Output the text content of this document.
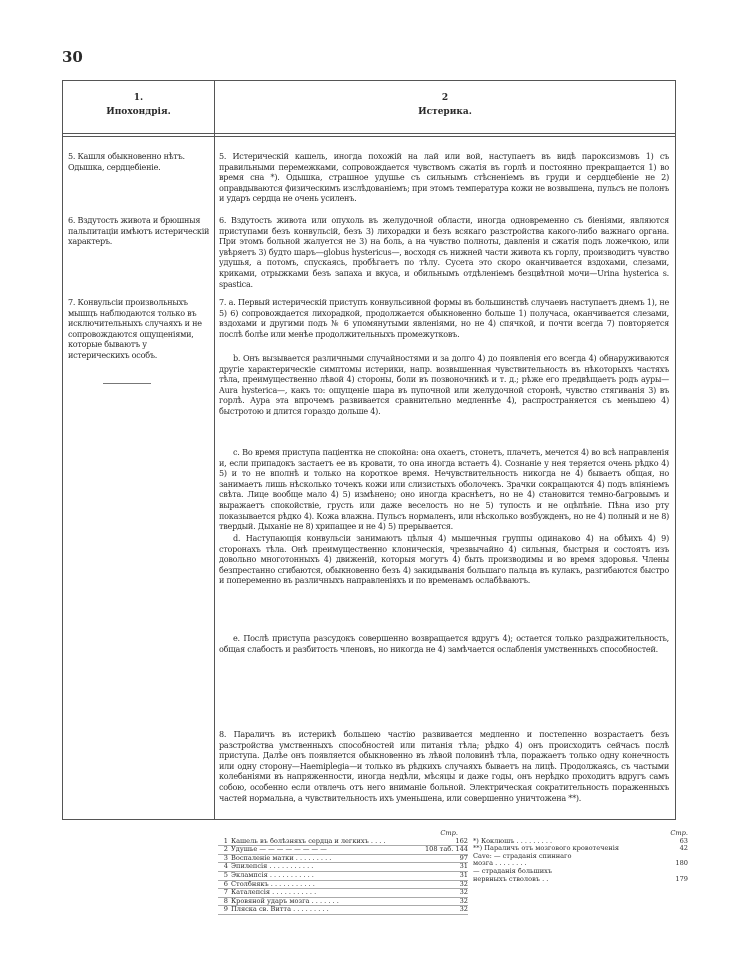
30
1.
Ипохондрія.
2
Истерика.
5. Кашля обыкновенно нѣтъ. Одышка, сердцебіеніе.
5. Истерическій кашель, иногда похожій на лай или вой, наступаетъ въ видѣ пароксизмовъ 1) съ правильными перемежками, сопровождается чувствомъ сжатія въ горлѣ и постоянно прекращается 1) во время сна *). Одышка, страшное удушье съ сильнымъ стѣсненіемъ въ груди и сердцебіеніе не 2) оправдываются физическимъ изслѣдованіемъ; при этомъ температура кожи не возвышена, пульсъ не полонъ и ударъ сердца не очень усиленъ.
6. Вздутость живота и брюшныя пальпитаціи имѣютъ истерическій характеръ.
6. Вздутость живота или опухоль въ желудочной области, иногда одновременно съ біеніями, являются приступами безъ конвульсій, безъ 3) лихорадки и безъ всякаго разстройства какого-либо важнаго органа. При этомъ больной жалуется не 3) на боль, а на чувство полноты, давленія и сжатія подъ ложечкою, или увѣряетъ 3) будто шаръ—globus hystericus—, восходя съ нижней части живота къ горлу, производитъ чувство удушья, а потомъ, спускаясь, пробѣгаетъ по тѣлу. Сусета это скоро оканчивается вздохами, слезами, криками, отрыжками безъ запаха и вкуса, и обильнымъ отдѣленіемъ безцвѣтной мочи—Urina hysterica s. spastica.
7. Конвульсіи произвольныхъ мышцъ наблюдаются только въ исключительныхъ случаяхъ и не сопровождаются ощущеніями, которые бываютъ у истерическихъ особъ.
7. a. Первый истерическій приступъ конвульсивной формы въ большинствѣ случаевъ наступаетъ днемъ 1), не 5) 6) сопровождается лихорадкой, продолжается обыкновенно больше 1) получаса, оканчивается слезами, вздохами и другими подъ № 6 упомянутыми явленіями, но не 4) спячкой, и почти всегда 7) повторяется послѣ болѣе или менѣе продолжительныхъ промежутковъ.
b. Онъ вызывается различными случайностями и за долго 4) до появленія его всегда 4) обнаруживаются другіе характерическіе симптомы истерики, напр. возвышенная чувствительность въ нѣкоторыхъ частяхъ тѣла, преимущественно лѣвой 4) стороны, боли въ позвоночникѣ и т. д.; рѣже его предвѣщаетъ родъ ауры—Aura hysterica—, какъ то: ощущеніе шара въ пупочной или желудочной сторонѣ, чувство стягиванія 3) въ горлѣ. Аура эта впрочемъ развивается сравнительно медленнѣе 4), распространяется съ меньшею 4) быстротою и длится гораздо дольше 4).
c. Во время приступа паціентка не спокойна: она охаетъ, стонетъ, плачетъ, мечется 4) во всѣ направленія и, если припадокъ застаетъ ее въ кровати, то она иногда встаетъ 4). Сознаніе у нея теряется очень рѣдко 4) 5) и то не вполнѣ и только на короткое время. Нечувствительность никогда не 4) бываетъ общая, но занимаетъ лишь нѣсколько точекъ кожи или слизистыхъ оболочекъ. Зрачки сокращаются 4) подъ вліяніемъ свѣта. Лице вообще мало 4) 5) измѣнено; оно иногда краснѣетъ, но не 4) становится темно-багровымъ и выражаетъ спокойствіе, грусть или даже веселость но не 5) тупость и не оцѣпѣніе. Пѣна изо рту показывается рѣдко 4). Кожа влажна. Пульсъ нормаленъ, или нѣсколько возбужденъ, но не 4) полный и не 8) твердый. Дыханіе не 8) хрипащее и не 4) 5) прерывается.
d. Наступающія конвульсіи занимаютъ цѣлыя 4) мышечныя группы одинаково 4) на обѣихъ 4) 9) сторонахъ тѣла. Онѣ преимущественно клоническія, чрезвычайно 4) сильныя, быстрыя и состоятъ изъ довольно многотонныхъ 4) движеній, которыя могутъ 4) быть производимы и во время здоровья. Члены безпрестанно сгибаются, обыкновенно безъ 4) закидыванія большаго пальца въ кулакъ, разгибаются быстро и попеременно въ различныхъ направленіяхъ и по временамъ ослабѣваютъ.
e. Послѣ приступа разсудокъ совершенно возвращается вдругъ 4); остается только раздражительность, общая слабость и разбитость членовъ, но никогда не 4) замѣчается ослабленія умственныхъ способностей.
8. Параличъ въ истерикѣ большею частію развивается медленно и постепенно возрастаетъ безъ разстройства умственныхъ способностей или питанія тѣла; рѣдко 4) онъ происходитъ сейчасъ послѣ приступа. Далѣе онъ появляется обыкновенно въ лѣвой половинѣ тѣла, поражаетъ только одну конечность или одну сторону—Haemiplegia—и только въ рѣдкихъ случаяхъ бываетъ на лицѣ. Продолжаясь, съ частыми колебаніями въ напряженности, иногда недѣли, мѣсяцы и даже годы, онъ нерѣдко проходитъ вдругъ самъ собою, особенно если отвлечь отъ него вниманіе больной. Электрическая сократительность пораженныхъ частей нормальна, а чувствительность ихъ уменьшена, или совершенно уничтожена **).
Стр.
1 Кашель въ болѣзняхъ сердца и легкихъ . . . .	162
2 Удушье — — — — — — — —	108 таб. 144
3 Воспаленіе матки . . . . . . . . .	97
4 Эпилепсія . . . . . . . . . . .	31
5 Эклампсія . . . . . . . . . . .	31
6 Столбнякъ . . . . . . . . . . .	32
7 Каталепсія . . . . . . . . . . .	32
8 Кровяной ударъ мозга . . . . . . .	32
9 Пляска св. Витта . . . . . . . . .	32
Стр.
*) Коклюшъ . . . . . . . . .	63
**) Параличъ отъ мозгового кровотеченія	42
Cave: — страданія спиннаго
мозга . . . . . . . .	180
— страданія большихъ
нервныхъ стволовъ . .	179
